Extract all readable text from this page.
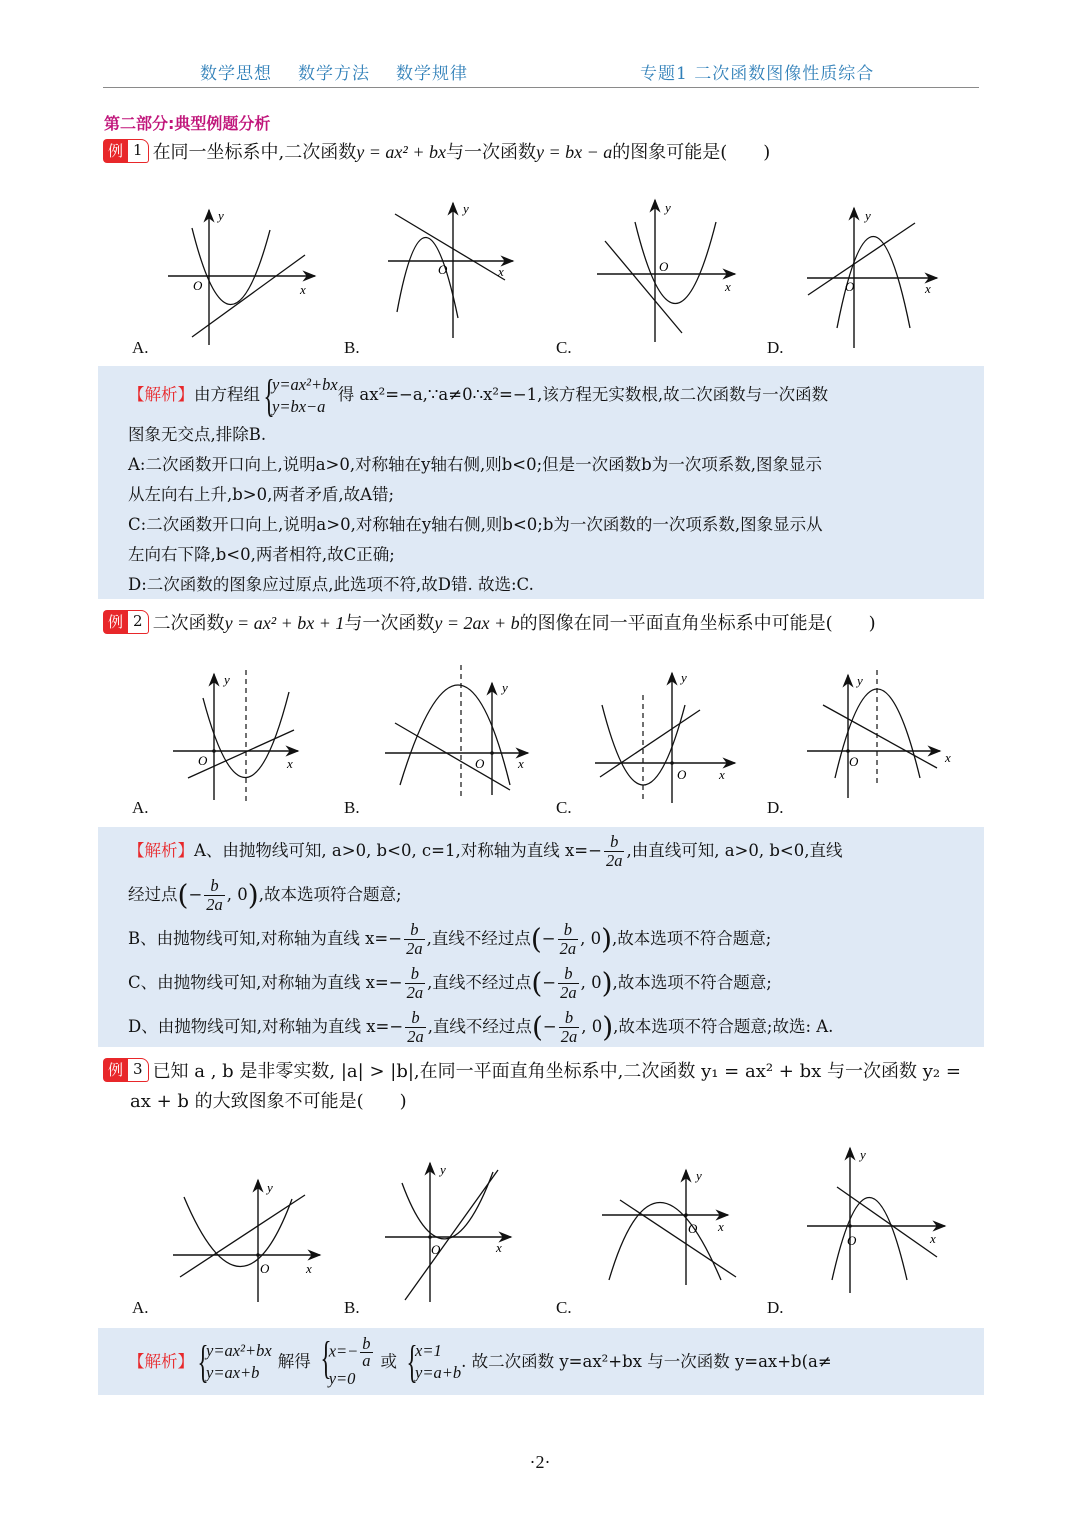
数学思想 数学方法 数学规律	专题1 二次函数图像性质综合
第二部分:典型例题分析
例 1 在同一坐标系中,二次函数y = ax² + bx与一次函数y = bx − a的图象可能是(　　)
y
O	x
y
O	x
y
O
x
y
O	x
A.	B.	C.	D.
【解析】由方程组
{ y=ax²+bx
y=bx−a
得 ax²=−a,∵a≠0∴x²=−1,该方程无实数根,故二次函数与一次函数
图象无交点,排除B.
A:二次函数开口向上,说明a>0,对称轴在y轴右侧,则b<0;但是一次函数b为一次项系数,图象显示
从左向右上升,b>0,两者矛盾,故A错;
C:二次函数开口向上,说明a>0,对称轴在y轴右侧,则b<0;b为一次函数的一次项系数,图象显示从
左向右下降,b<0,两者相符,故C正确;
D:二次函数的图象应过原点,此选项不符,故D错. 故选:C.
例 2 二次函数y = ax² + bx + 1与一次函数y = 2ax + b的图像在同一平面直角坐标系中可能是(　　)
y
O	x
y
O	x
y
O	x
y
O	x
A.	B.	C.	D.
【解析】A、由抛物线可知, a>0, b<0, c=1,对称轴为直线 $x=- \frac{b}{2a}$ ,由直线可知, a>0, b<0,直线
经过点(− $\frac{b}{2a}$ , 0),故本选项符合题意;
B、由抛物线可知,对称轴为直线 $x=- \frac{b}{2a}$ ,直线不经过点(− $\frac{b}{2a}$ , 0),故本选项不符合题意;
C、由抛物线可知,对称轴为直线 $x=- \frac{b}{2a}$ ,直线不经过点(− $\frac{b}{2a}$ , 0),故本选项不符合题意;
D、由抛物线可知,对称轴为直线 $x=- \frac{b}{2a}$ ,直线不经过点(− $\frac{b}{2a}$ , 0),故本选项不符合题意;故选: A.
例 3 已知 a , b 是非零实数, |a| > |b|,在同一平面直角坐标系中,二次函数 y₁ = ax² + bx 与一次函数 y₂ =
ax + b 的大致图象不可能是(　　)
y
O	x
y
O	x
y
O x
y
O	x
A.	B.	C.	D.
【解析】
{ y=ax²+bx
y=ax+b
解得
{ $x=- \frac{b}{a}$
y=0
或
{ x=1
y=a+b
. 故二次函数 y=ax²+bx 与一次函数 y=ax+b(a≠
·2·
